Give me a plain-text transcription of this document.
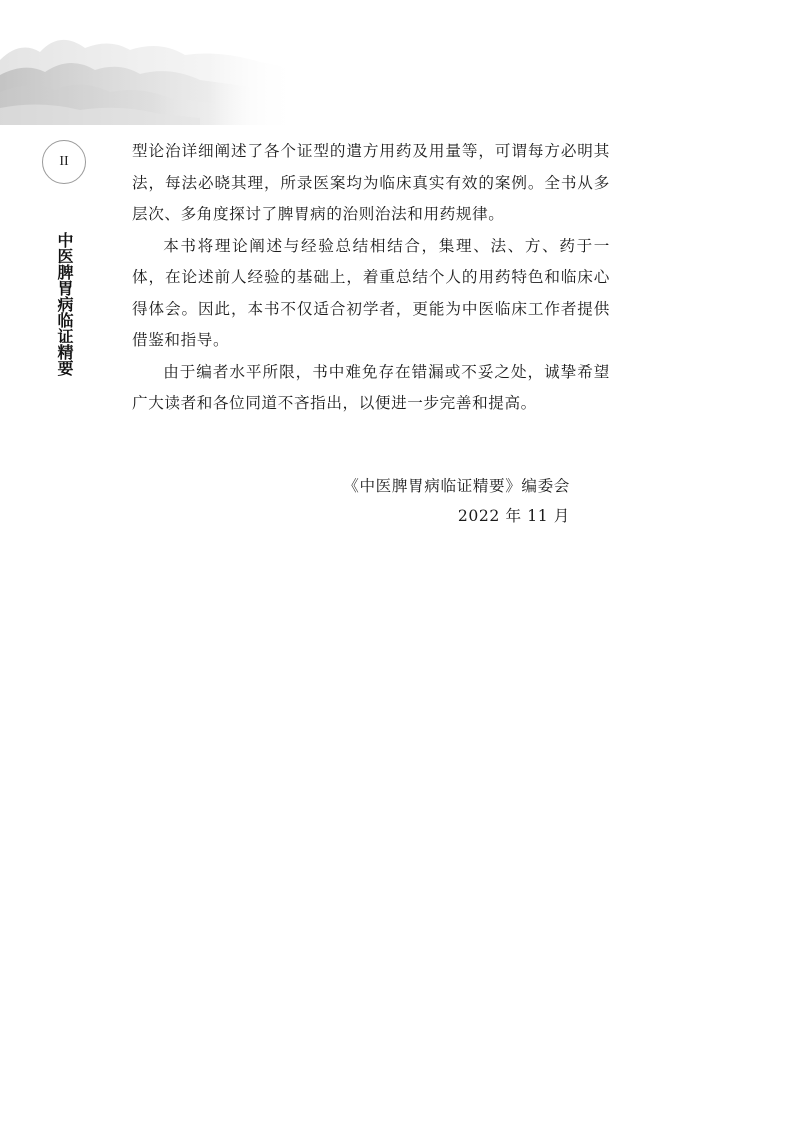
II
中医脾胃病临证精要

型论治详细阐述了各个证型的遣方用药及用量等，可谓每方必明其法，每法必晓其理，所录医案均为临床真实有效的案例。全书从多层次、多角度探讨了脾胃病的治则治法和用药规律。

本书将理论阐述与经验总结相结合，集理、法、方、药于一体，在论述前人经验的基础上，着重总结个人的用药特色和临床心得体会。因此，本书不仅适合初学者，更能为中医临床工作者提供借鉴和指导。

由于编者水平所限，书中难免存在错漏或不妥之处，诚挚希望广大读者和各位同道不吝指出，以便进一步完善和提高。

《中医脾胃病临证精要》编委会
2022 年 11 月
